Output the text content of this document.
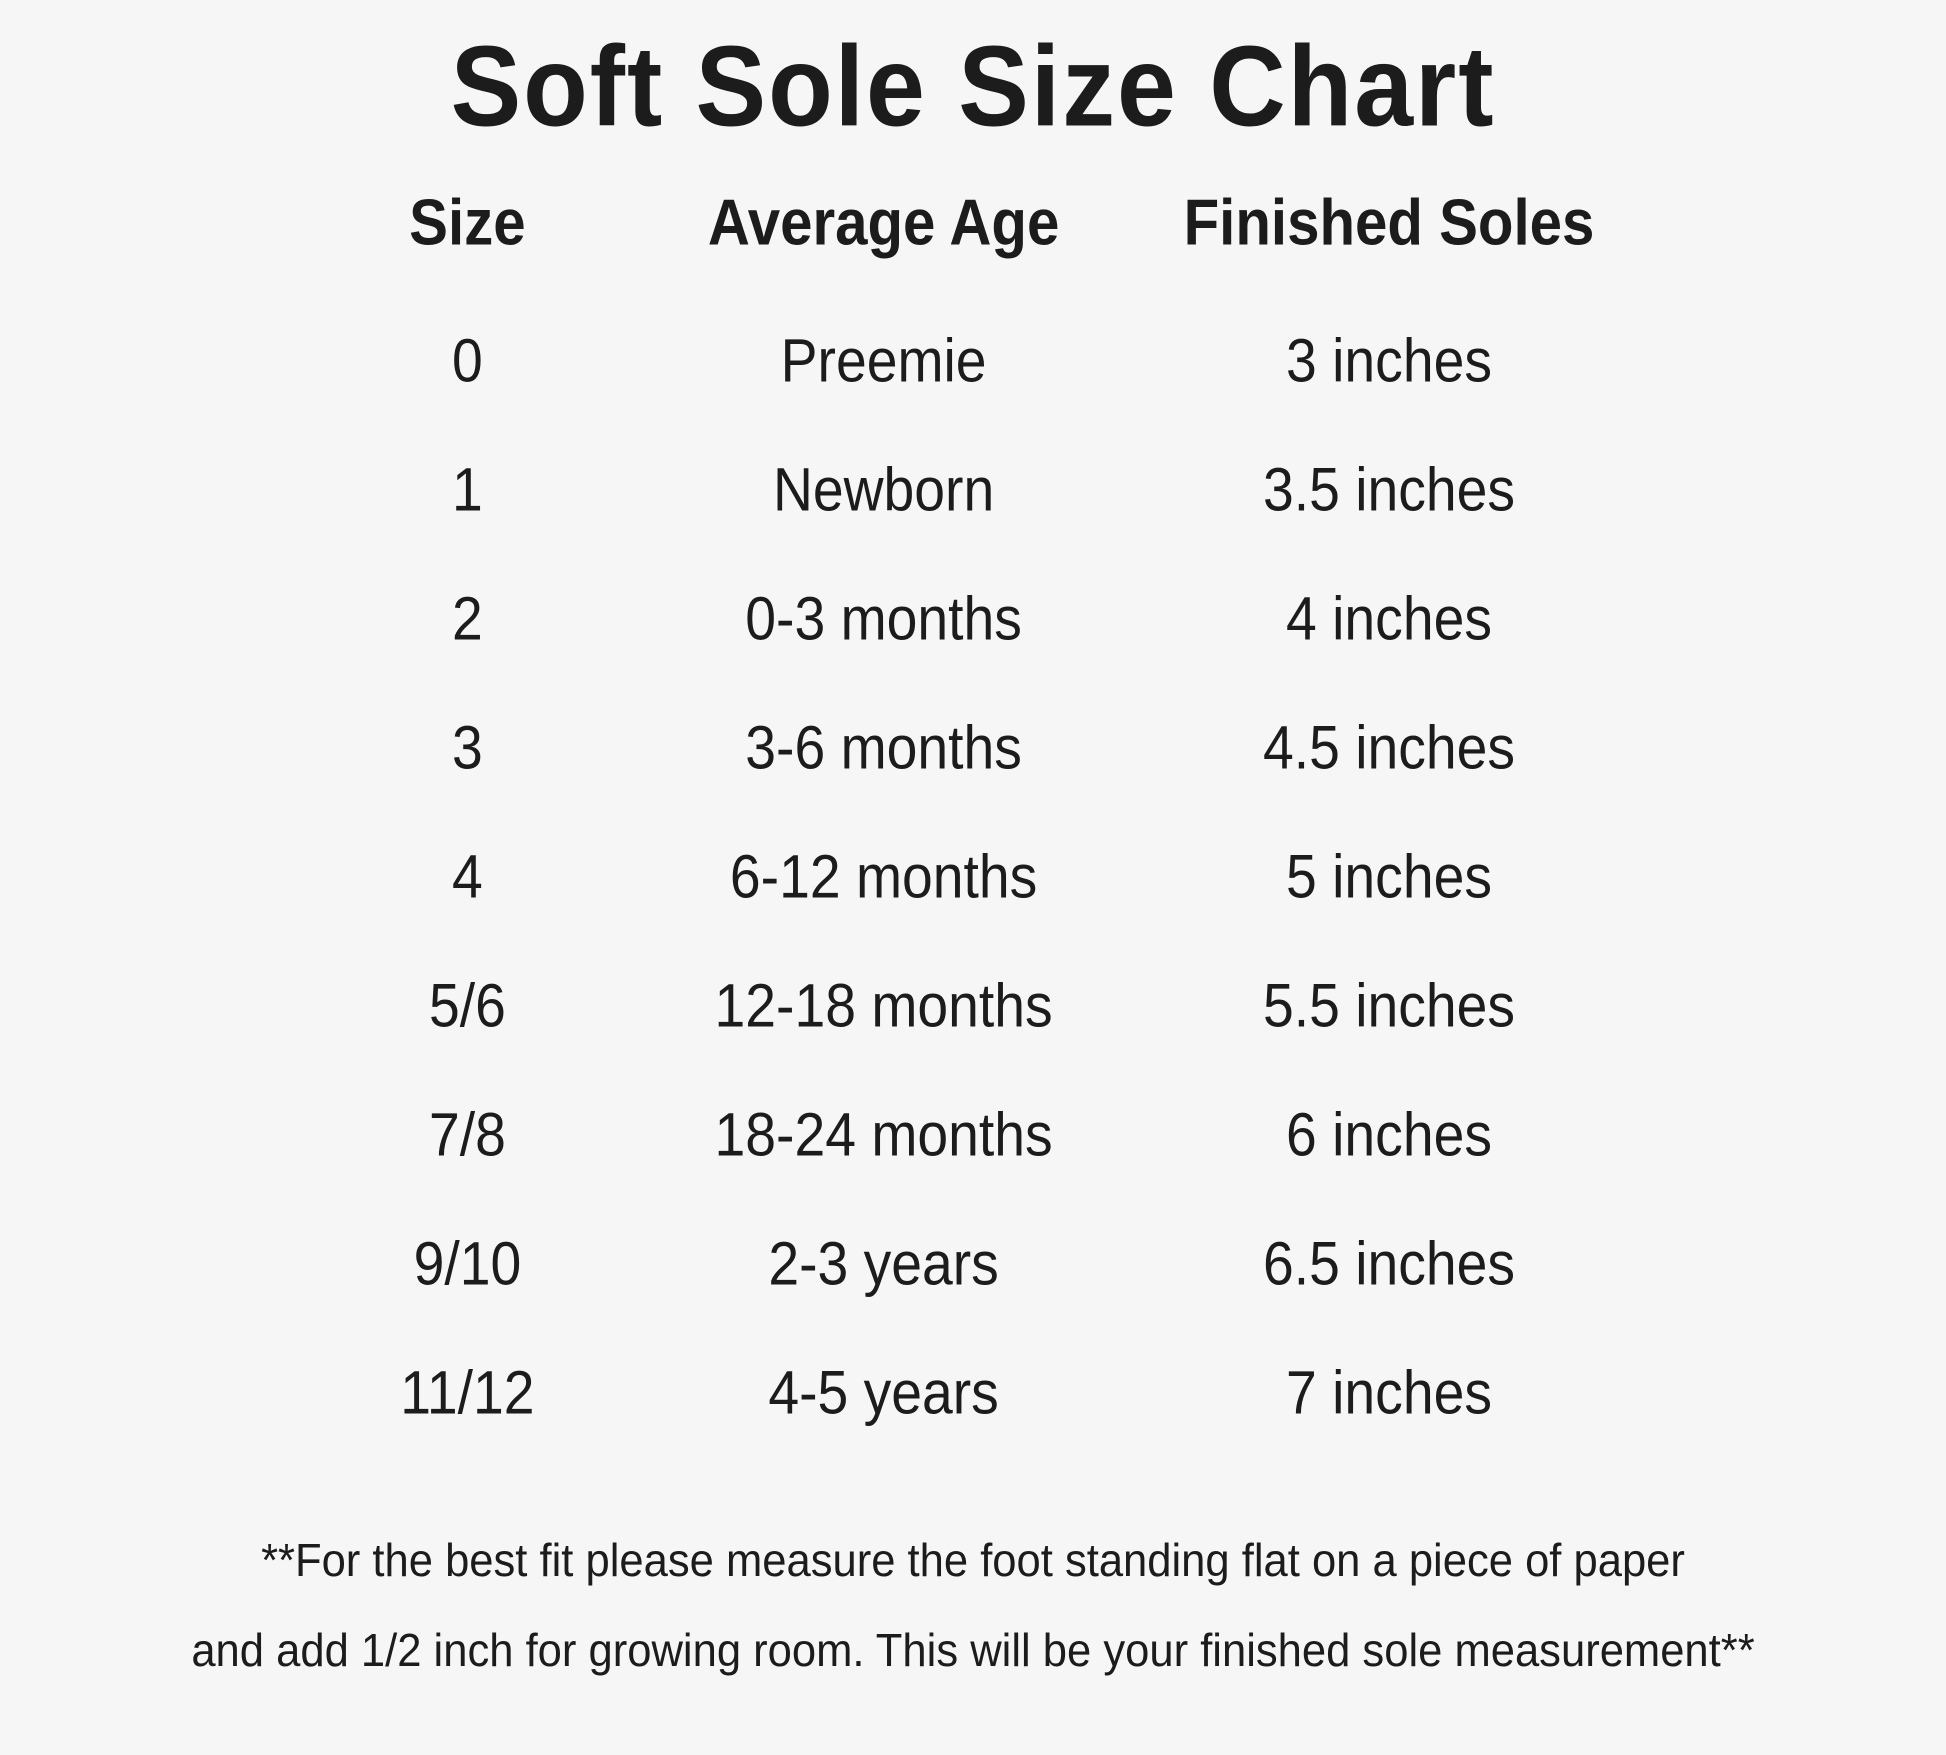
Soft Sole Size Chart
Size	Average Age	Finished Soles
0	Preemie	3 inches
1	Newborn	3.5 inches
2	0-3 months	4 inches
3	3-6 months	4.5 inches
4	6-12 months	5 inches
5/6	12-18 months	5.5 inches
7/8	18-24 months	6 inches
9/10	2-3 years	6.5 inches
11/12	4-5 years	7 inches
**For the best fit please measure the foot standing flat on a piece of paper
and add 1/2 inch for growing room. This will be your finished sole measurement**
